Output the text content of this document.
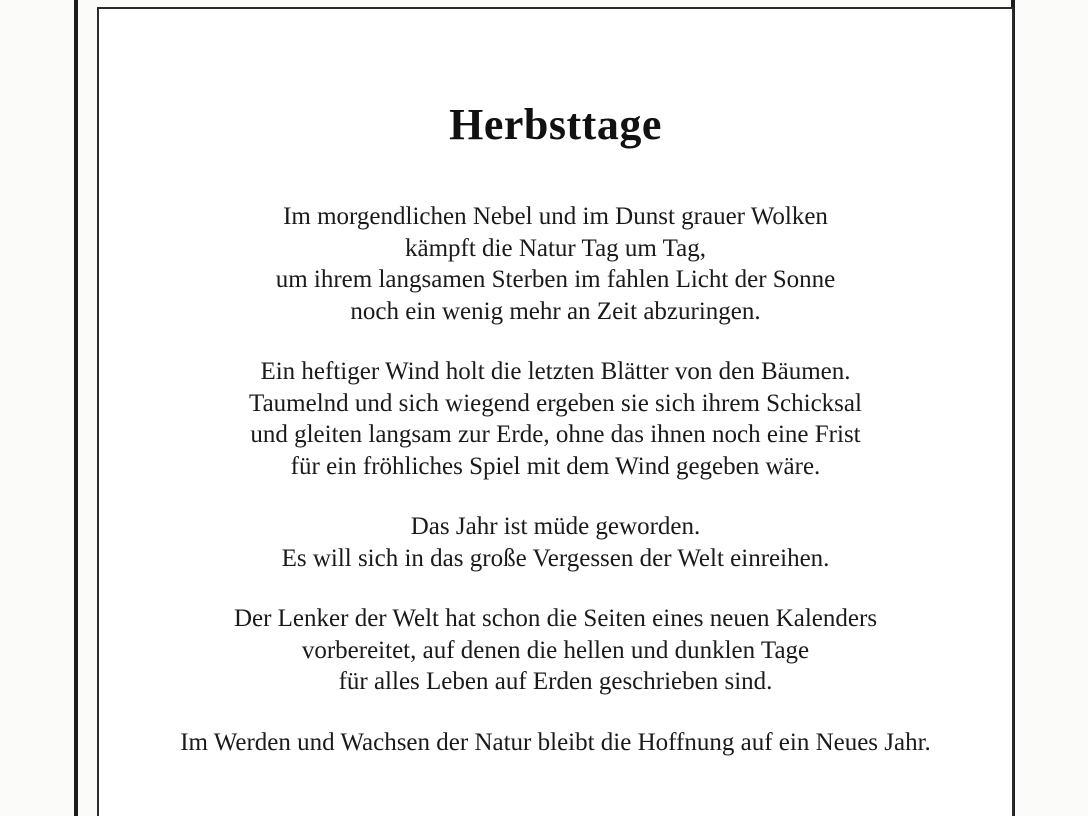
Herbsttage

Im morgendlichen Nebel und im Dunst grauer Wolken
kämpft die Natur Tag um Tag,
um ihrem langsamen Sterben im fahlen Licht der Sonne
noch ein wenig mehr an Zeit abzuringen.

Ein heftiger Wind holt die letzten Blätter von den Bäumen.
Taumelnd und sich wiegend ergeben sie sich ihrem Schicksal
und gleiten langsam zur Erde, ohne das ihnen noch eine Frist
für ein fröhliches Spiel mit dem Wind gegeben wäre.

Das Jahr ist müde geworden.
Es will sich in das große Vergessen der Welt einreihen.

Der Lenker der Welt hat schon die Seiten eines neuen Kalenders
vorbereitet, auf denen die hellen und dunklen Tage
für alles Leben auf Erden geschrieben sind.

Im Werden und Wachsen der Natur bleibt die Hoffnung auf ein Neues Jahr.
